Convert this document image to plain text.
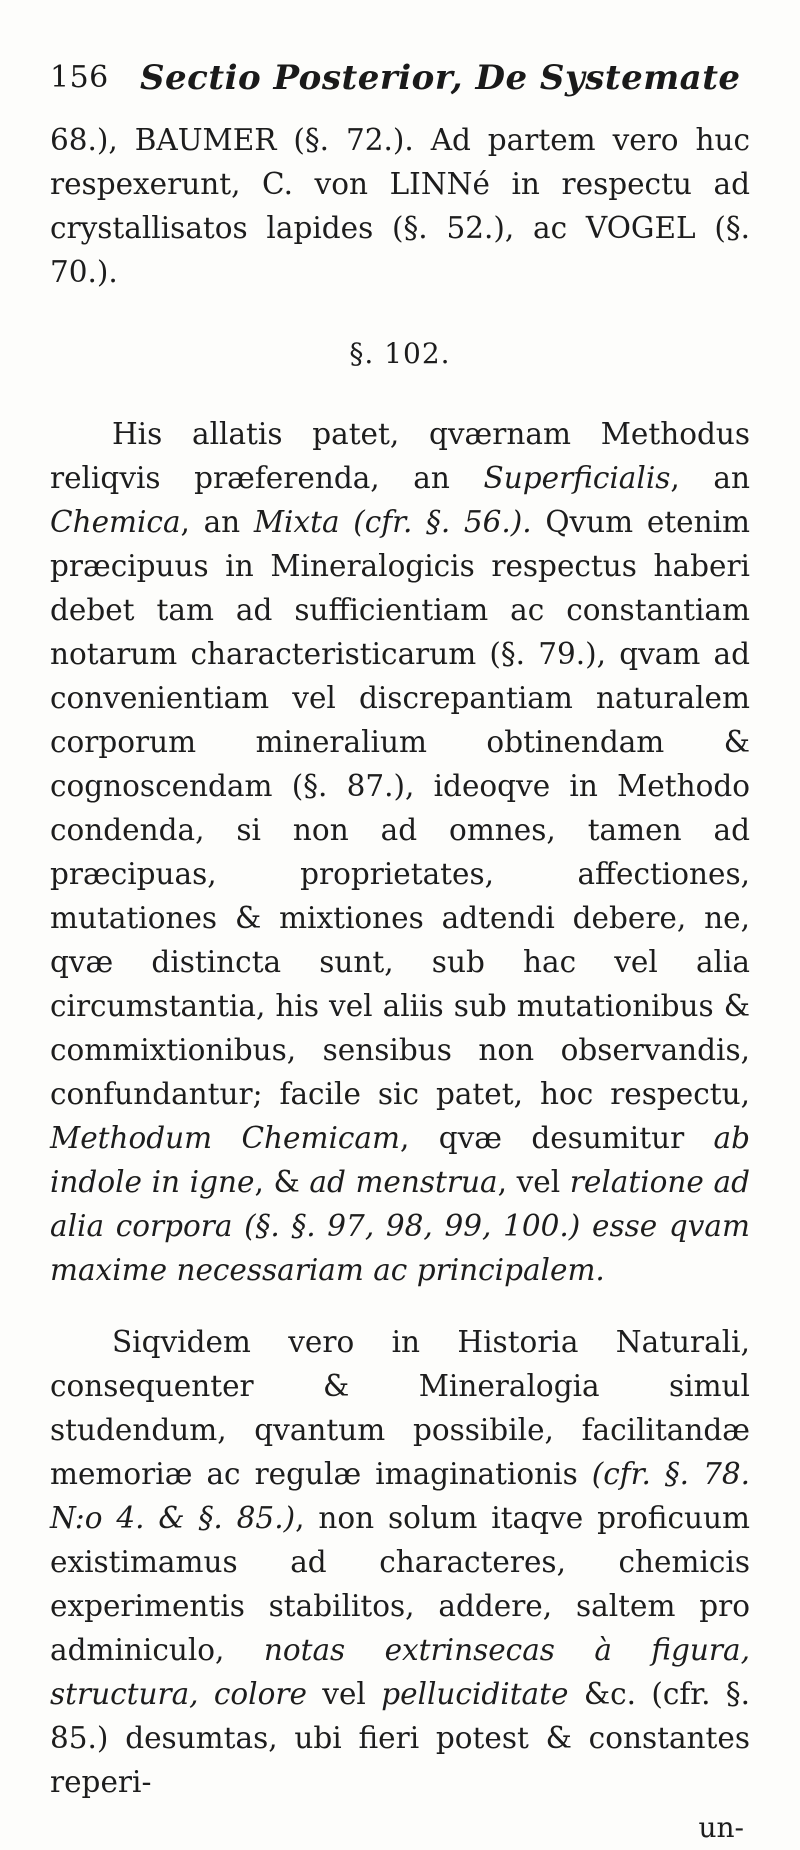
156 Sectio Posterior, De Systemate

68.), BAUMER (§. 72.). Ad partem vero huc respexerunt, C. von LINNé in respectu ad crystallisatos lapides (§. 52.), ac VOGEL (§. 70.).

§. 102.

His allatis patet, qværnam Methodus reliqvis præferenda, an Superficialis, an Chemica, an Mixta (cfr. §. 56.). Qvum etenim præcipuus in Mineralogicis respectus haberi debet tam ad sufficientiam ac constantiam notarum characteristicarum (§. 79.), qvam ad convenientiam vel discrepantiam naturalem corporum mineralium obtinendam & cognoscendam (§. 87.), ideoqve in Methodo condenda, si non ad omnes, tamen ad præcipuas, proprietates, affectiones, mutationes & mixtiones adtendi debere, ne, qvæ distincta sunt, sub hac vel alia circumstantia, his vel aliis sub mutationibus & commixtionibus, sensibus non observandis, confundantur; facile sic patet, hoc respectu, Methodum Chemicam, qvæ desumitur ab indole in igne, & ad menstrua, vel relatione ad alia corpora (§. §. 97, 98, 99, 100.) esse qvam maxime necessariam ac principalem.

Siqvidem vero in Historia Naturali, consequenter & Mineralogia simul studendum, qvantum possibile, facilitandæ memoriæ ac regulæ imaginationis (cfr. §. 78. N:o 4. & §. 85.), non solum itaqve proficuum existimamus ad characteres, chemicis experimentis stabilitos, addere, saltem pro adminiculo, notas extrinsecas à figura, structura, colore vel pelluciditate &c. (cfr. §. 85.) desumtas, ubi fieri potest & constantes reperi-

un-
